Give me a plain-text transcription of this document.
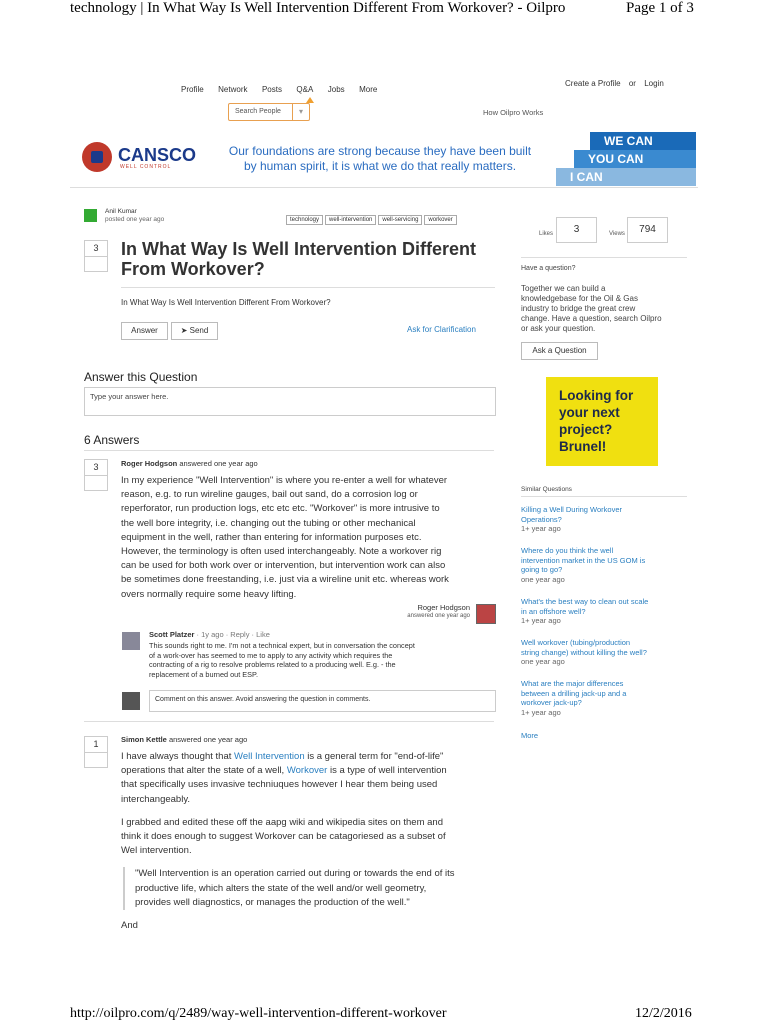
technology | In What Way Is Well Intervention Different From Workover? - Oilpro	Page 1 of 3
Profile Network Posts Q&A Jobs More
Create a Profile or Login
Search People	▾	How Oilpro Works
CANSCO
WELL CONTROL
Our foundations are strong because they have been built
by human spirit, it is what we do that really matters.
WE CAN
YOU CAN
I CAN
Anil Kumar
posted one year ago	technology well-intervention well-servicing workover
3	In What Way Is Well Intervention Different From Workover?
In What Way Is Well Intervention Different From Workover?
Answer	➤ Send	Ask for Clarification
Likes	3	Views	794
Answer this Question
Type your answer here.
6 Answers
3	Roger Hodgson answered one year ago
In my experience "Well Intervention" is where you re-enter a well for whatever
reason, e.g. to run wireline gauges, bail out sand, do a corrosion log or
reperforator, run production logs, etc etc etc. "Workover" is more intrusive to
the well bore integrity, i.e. changing out the tubing or other mechanical
equipment in the well, rather than entering for information purposes etc.
However, the terminology is often used interchangeably. Note a workover rig
can be used for both work over or intervention, but intervention work can also
be sometimes done freestanding, i.e. just via a wireline unit etc. whereas work
overs normally require some heavy lifting.
Roger Hodgson
answered one year ago
Scott Platzer · 1y ago · Reply · Like
This sounds right to me. I'm not a technical expert, but in conversation the concept
of a work-over has seemed to me to apply to any activity which requires the
contracting of a rig to resolve problems related to a producing well. E.g. - the
replacement of a burned out ESP.
Comment on this answer. Avoid answering the question in comments.
1	Simon Kettle answered one year ago
I have always thought that Well Intervention is a general term for "end-of-life"
operations that alter the state of a well, Workover is a type of well intervention
that specifically uses invasive techniuques however I hear them being used
interchangeably.
I grabbed and edited these off the aapg wiki and wikipedia sites on them and
think it does enough to suggest Workover can be catagoriesed as a subset of
Wel intervention.
"Well Intervention is an operation carried out during or towards the end of its
productive life, which alters the state of the well and/or well geometry,
provides well diagnostics, or manages the production of the well."
And
Have a question?
Together we can build a
knowledgebase for the Oil & Gas
industry to bridge the great crew
change. Have a question, search Oilpro
or ask your question.
Ask a Question
Looking for
your next
project?
Brunel!
Similar Questions
Killing a Well During Workover
Operations?
1+ year ago
Where do you think the well
intervention market in the US GOM is
going to go?
one year ago
What's the best way to clean out scale
in an offshore well?
1+ year ago
Well workover (tubing/production
string change) without killing the well?
one year ago
What are the major differences
between a drilling jack-up and a
workover jack-up?
1+ year ago
More
http://oilpro.com/q/2489/way-well-intervention-different-workover	12/2/2016
